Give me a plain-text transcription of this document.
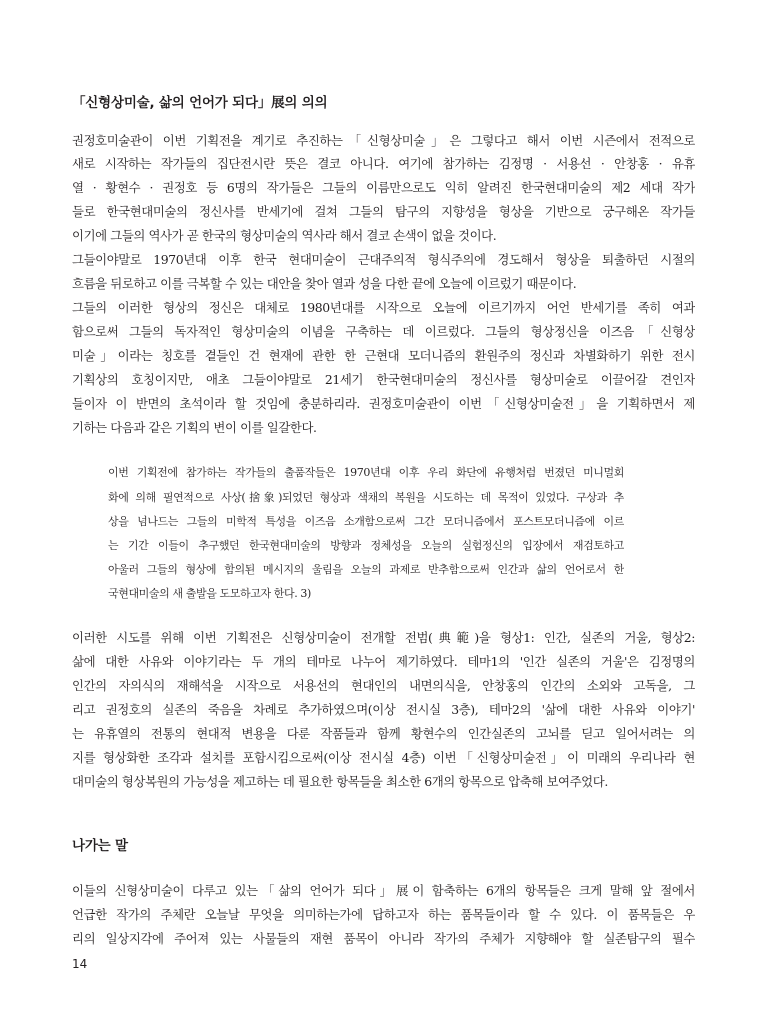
「신형상미술, 삶의 언어가 되다」展의 의의
권정호미술관이 이번 기획전을 계기로 추진하는「신형상미술」은 그렇다고 해서 이번 시즌에서 전적으로
새로 시작하는 작가들의 집단전시란 뜻은 결코 아니다. 여기에 참가하는 김정명 · 서용선 · 안창홍 · 유휴
열 · 황현수 · 권정호 등 6명의 작가들은 그들의 이름만으로도 익히 알려진 한국현대미술의 제2 세대 작가
들로 한국현대미술의 정신사를 반세기에 걸쳐 그들의 탐구의 지향성을 형상을 기반으로 궁구해온 작가들
이기에 그들의 역사가 곧 한국의 형상미술의 역사라 해서 결코 손색이 없을 것이다.
그들이야말로 1970년대 이후 한국 현대미술이 근대주의적 형식주의에 경도해서 형상을 퇴출하던 시절의
흐름을 뒤로하고 이를 극복할 수 있는 대안을 찾아 열과 성을 다한 끝에 오늘에 이르렀기 때문이다.
그들의 이러한 형상의 정신은 대체로 1980년대를 시작으로 오늘에 이르기까지 어언 반세기를 족히 여과
함으로써 그들의 독자적인 형상미술의 이념을 구축하는 데 이르렀다. 그들의 형상정신을 이즈음「신형상
미술」이라는 칭호를 곁들인 건 현재에 관한 한 근현대 모더니즘의 환원주의 정신과 차별화하기 위한 전시
기획상의 호칭이지만, 애초 그들이야말로 21세기 한국현대미술의 정신사를 형상미술로 이끌어갈 견인자
들이자 이 반면의 초석이라 할 것임에 충분하리라. 권정호미술관이 이번「신형상미술전」을 기획하면서 제
기하는 다음과 같은 기획의 변이 이를 일갈한다.
이번 기획전에 참가하는 작가들의 출품작들은 1970년대 이후 우리 화단에 유행처럼 번졌던 미니멀회
화에 의해 필연적으로 사상(捨象)되었던 형상과 색채의 복원을 시도하는 데 목적이 있었다. 구상과 추
상을 넘나드는 그들의 미학적 특성을 이즈음 소개함으로써 그간 모더니즘에서 포스트모더니즘에 이르
는 기간 이들이 추구했던 한국현대미술의 방향과 정체성을 오늘의 실험정신의 입장에서 재검토하고
아울러 그들의 형상에 함의된 메시지의 울림을 오늘의 과제로 반추함으로써 인간과 삶의 언어로서 한
국현대미술의 새 출발을 도모하고자 한다. 3)
이러한 시도를 위해 이번 기획전은 신형상미술이 전개할 전범(典範)을 형상1: 인간, 실존의 거울, 형상2:
삶에 대한 사유와 이야기라는 두 개의 테마로 나누어 제기하였다. 테마1의 '인간 실존의 거울'은 김정명의
인간의 자의식의 재해석을 시작으로 서용선의 현대인의 내면의식을, 안창홍의 인간의 소외와 고독을, 그
리고 권정호의 실존의 죽음을 차례로 추가하였으며(이상 전시실 3층), 테마2의 '삶에 대한 사유와 이야기'
는 유휴열의 전통의 현대적 변용을 다룬 작품들과 함께 황현수의 인간실존의 고뇌를 딛고 일어서려는 의
지를 형상화한 조각과 설치를 포함시킴으로써(이상 전시실 4층) 이번「신형상미술전」이 미래의 우리나라 현
대미술의 형상복원의 가능성을 제고하는 데 필요한 항목들을 최소한 6개의 항목으로 압축해 보여주었다.
나가는 말
이들의 신형상미술이 다루고 있는「삶의 언어가 되다」展이 함축하는 6개의 항목들은 크게 말해 앞 절에서
언급한 작가의 주체란 오늘날 무엇을 의미하는가에 답하고자 하는 품목들이라 할 수 있다. 이 품목들은 우
리의 일상지각에 주어져 있는 사물들의 재현 품목이 아니라 작가의 주체가 지향해야 할 실존탐구의 필수
14
